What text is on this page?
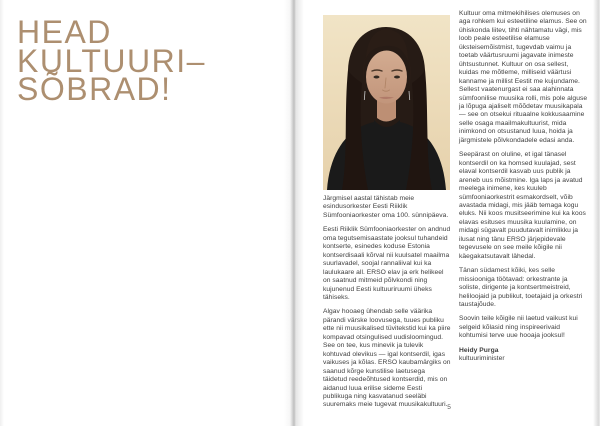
HEAD
KULTUURI–
SÕBRAD!

Järgmisel aastal tähistab meie esindusorkester Eesti Riiklik Sümfooniaorkester oma 100. sünnipäeva.

Eesti Riiklik Sümfooniaorkester on andnud oma tegutsemisaastate jooksul tuhandeid kontserte, esinedes koduse Estonia kontserdisaali kõrval nii kuulsatel maailma suurlavadel, soojal rannaliival kui ka laulukaare all. ERSO elav ja erk helikeel on saatnud mitmeid põlvkondi ning kujunenud Eesti kultuuriruumi üheks tähiseks.

Algav hooaeg ühendab selle väärika pärandi värske loovusega, tuues publiku ette nii muusikalised tüvitekstid kui ka piire kompavad otsingulised uudisloomingud. See on tee, kus minevik ja tulevik kohtuvad olevikus — igal kontserdil, igas vaikuses ja kõlas. ERSO kaubamärgiks on saanud kõrge kunstilise laetusega täidetud reedeõhtused kontserdid, mis on aidanud luua erilise sideme Eesti publikuga ning kasvatanud seeläbi suuremaks meie tugevat muusikakultuuri.

Kultuur oma mitmekihilises olemuses on aga rohkem kui esteetiline elamus. See on ühiskonda liitev, tihti nähtamatu vägi, mis loob peale esteetilise elamuse üksteisemõistmist, tugevdab vaimu ja toetab väärtusruumi jagavate inimeste ühtsustunnet. Kultuur on osa sellest, kuidas me mõtleme, milliseid väärtusi kanname ja millist Eestit me kujundame. Sellest vaatenurgast ei saa alahinnata sümfoonilise muusika rolli, mis pole alguse ja lõpuga ajaliselt mõõdetav muusikapala — see on otsekui rituaalne kokkusaamine selle osaga maailmakultuurist, mida inimkond on otsustanud luua, hoida ja järgmistele põlvkondadele edasi anda.

Seepärast on oluline, et igal tänasel kontserdil on ka homsed kuulajad, sest elaval kontserdil kasvab uus publik ja areneb uus mõistmine. Iga laps ja avatud meelega inimene, kes kuuleb sümfooniaorkestrit esmakordselt, võib avastada midagi, mis jääb temaga kogu eluks. Nii koos musitseerimine kui ka koos elavas esituses muusika kuulamine, on midagi sügavalt puudutavalt inimlikku ja ilusat ning tänu ERSO järjepidevale tegevusele on see meile kõigile nii käegakatsutavalt lähedal.

Tänan südamest kõiki, kes selle missiooniga töötavad: orkestrante ja soliste, dirigente ja kontsertmeistreid, heliloojaid ja publikut, toetajaid ja orkestri taustajõude.

Soovin teile kõigile nii laetud vaikust kui selgeid kõlasid ning inspireerivaid kohtumisi terve uue hooaja jooksul!

Heidy Purga

kultuuriminister

5
